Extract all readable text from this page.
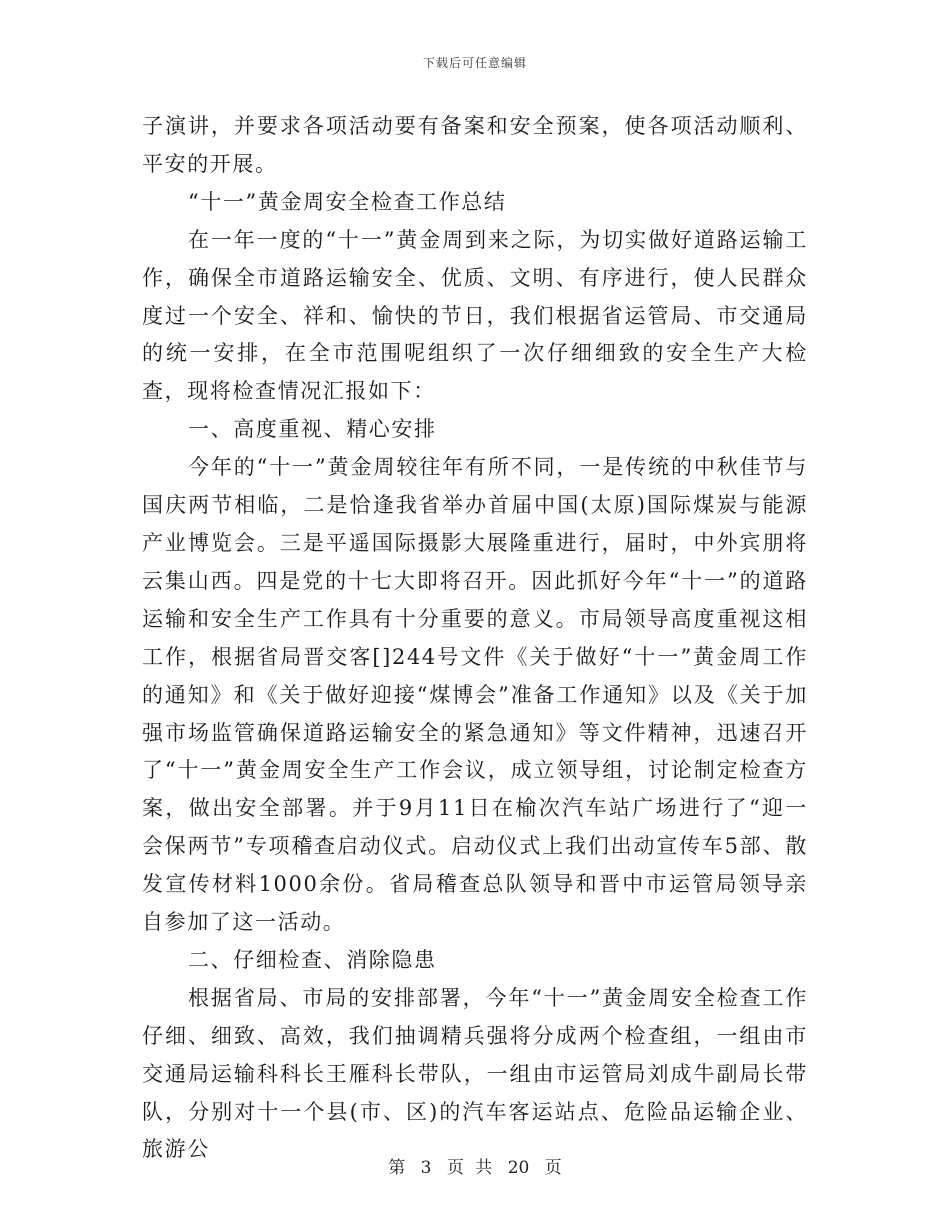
下载后可任意编辑

子演讲，并要求各项活动要有备案和安全预案，使各项活动顺利、平安的开展。

“十一”黄金周安全检查工作总结

在一年一度的“十一”黄金周到来之际，为切实做好道路运输工作，确保全市道路运输安全、优质、文明、有序进行，使人民群众度过一个安全、祥和、愉快的节日，我们根据省运管局、市交通局的统一安排，在全市范围呢组织了一次仔细细致的安全生产大检查，现将检查情况汇报如下：

一、高度重视、精心安排

今年的“十一”黄金周较往年有所不同，一是传统的中秋佳节与国庆两节相临，二是恰逢我省举办首届中国(太原)国际煤炭与能源产业博览会。三是平遥国际摄影大展隆重进行，届时，中外宾朋将云集山西。四是党的十七大即将召开。因此抓好今年“十一”的道路运输和安全生产工作具有十分重要的意义。市局领导高度重视这相工作，根据省局晋交客[]244号文件《关于做好“十一”黄金周工作的通知》和《关于做好迎接“煤博会”准备工作通知》以及《关于加强市场监管确保道路运输安全的紧急通知》等文件精神，迅速召开了“十一”黄金周安全生产工作会议，成立领导组，讨论制定检查方案，做出安全部署。并于9月11日在榆次汽车站广场进行了“迎一会保两节”专项稽查启动仪式。启动仪式上我们出动宣传车5部、散发宣传材料1000余份。省局稽查总队领导和晋中市运管局领导亲自参加了这一活动。

二、仔细检查、消除隐患

根据省局、市局的安排部署，今年“十一”黄金周安全检查工作仔细、细致、高效，我们抽调精兵强将分成两个检查组，一组由市交通局运输科科长王雁科长带队，一组由市运管局刘成牛副局长带队，分别对十一个县(市、区)的汽车客运站点、危险品运输企业、旅游公

第 3 页 共 20 页
